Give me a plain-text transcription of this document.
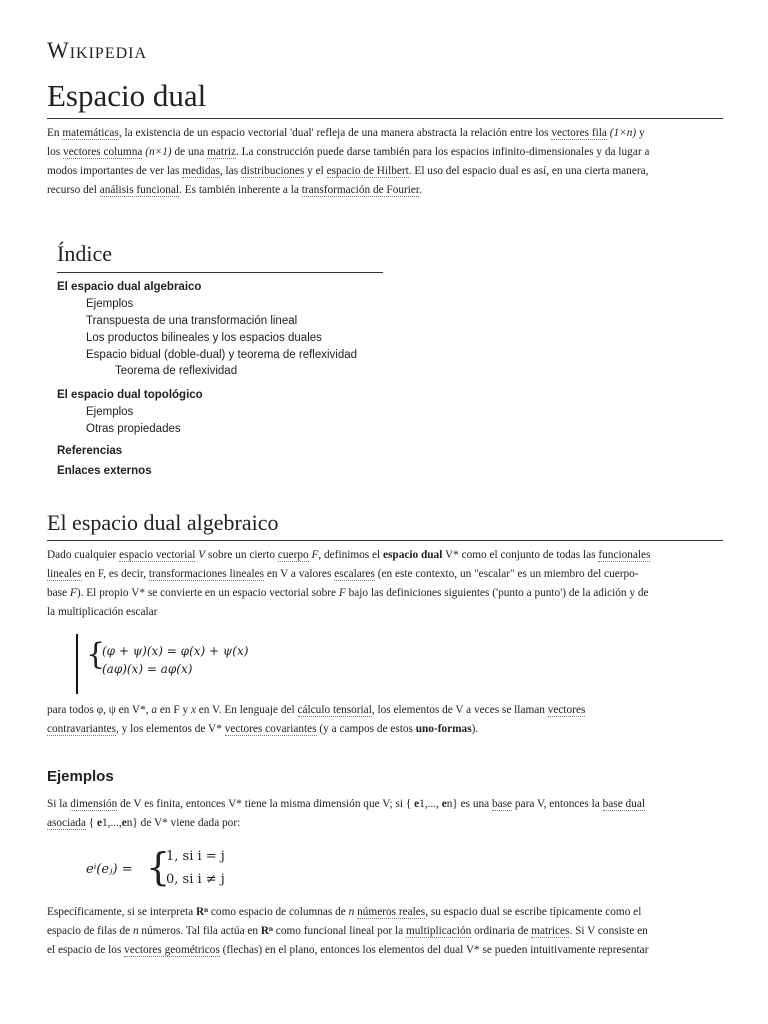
Wikipedia
Espacio dual

En matemáticas, la existencia de un espacio vectorial 'dual' refleja de una manera abstracta la relación entre los vectores fila (1×n) y

los vectores columna (n×1) de una matriz. La construcción puede darse también para los espacios infinito-dimensionales y da lugar a

modos importantes de ver las medidas, las distribuciones y el espacio de Hilbert. El uso del espacio dual es así, en una cierta manera,

recurso del análisis funcional. Es también inherente a la transformación de Fourier.

Índice
El espacio dual algebraico
Ejemplos
Transpuesta de una transformación lineal
Los productos bilineales y los espacios duales
Espacio bidual (doble-dual) y teorema de reflexividad
Teorema de reflexividad
El espacio dual topológico
Ejemplos
Otras propiedades
Referencias
Enlaces externos
El espacio dual algebraico

Dado cualquier espacio vectorial V sobre un cierto cuerpo F, definimos el espacio dual V* como el conjunto de todas las funcionales

lineales en F, es decir, transformaciones lineales en V a valores escalares (en este contexto, un "escalar" es un miembro del cuerpo-

base F). El propio V* se convierte en un espacio vectorial sobre F bajo las definiciones siguientes ('punto a punto') de la adición y de

la multiplicación escalar

{
(φ + ψ)(x) = φ(x) + ψ(x)
(aφ)(x) = aφ(x)

para todos φ, ψ en V*, a en F y x en V. En lenguaje del cálculo tensorial, los elementos de V a veces se llaman vectores

contravariantes, y los elementos de V* vectores covariantes (y a campos de estos uno-formas).

Ejemplos

Si la dimensión de V es finita, entonces V* tiene la misma dimensión que V; si { e1,..., en} es una base para V, entonces la base dual

asociada { e1,...,en} de V* viene dada por:

eⁱ(eⱼ) = {
1, si i = j
0, si i ≠ j

Específicamente, si se interpreta Rⁿ como espacio de columnas de n números reales, su espacio dual se escribe típicamente como el

espacio de filas de n números. Tal fila actúa en Rⁿ como funcional lineal por la multiplicación ordinaria de matrices. Si V consiste en

el espacio de los vectores geométricos (flechas) en el plano, entonces los elementos del dual V* se pueden intuitivamente representar
